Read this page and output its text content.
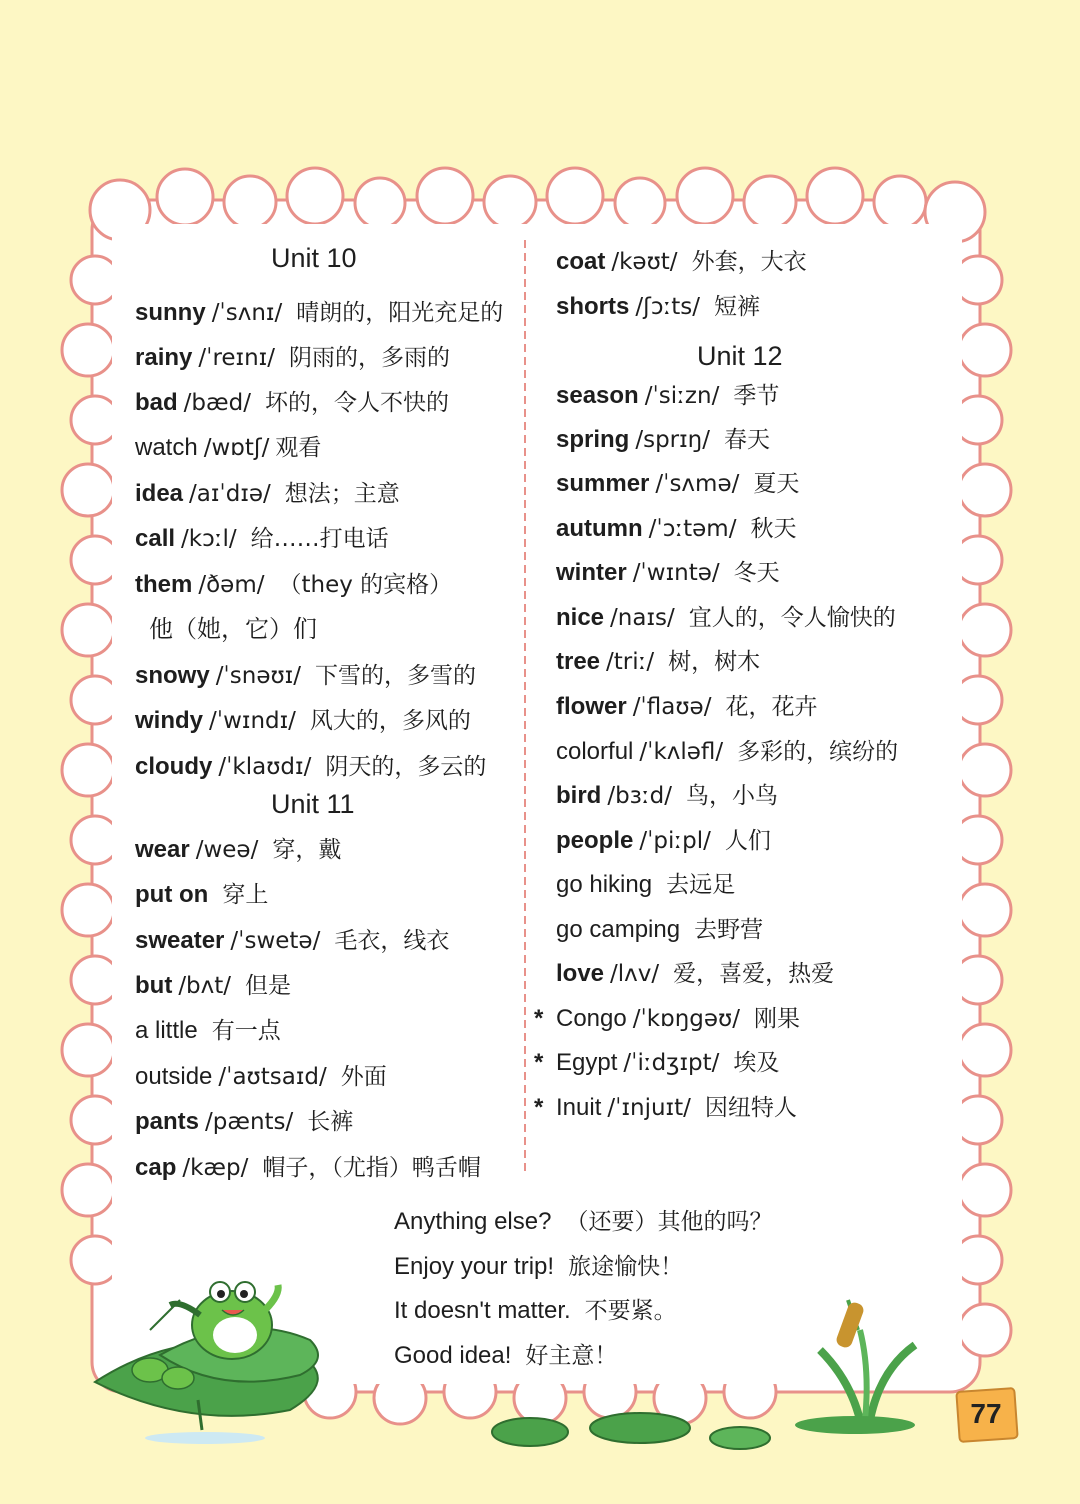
Unit 10
sunny /ˈsʌnɪ/ 晴朗的，阳光充足的
rainy /ˈreɪnɪ/ 阴雨的，多雨的
bad /bæd/ 坏的，令人不快的
watch /wɒtʃ/ 观看
idea /aɪˈdɪə/ 想法；主意
call /kɔːl/ 给……打电话
them /ðəm/ （they 的宾格）
他（她，它）们
snowy /ˈsnəʊɪ/ 下雪的，多雪的
windy /ˈwɪndɪ/ 风大的，多风的
cloudy /ˈklaʊdɪ/ 阴天的，多云的
Unit 11
wear /weə/ 穿，戴
put on 穿上
sweater /ˈswetə/ 毛衣，线衣
but /bʌt/ 但是
a little 有一点
outside /ˈaʊtsaɪd/ 外面
pants /pænts/ 长裤
cap /kæp/ 帽子，（尤指）鸭舌帽
coat /kəʊt/ 外套，大衣
shorts /ʃɔːts/ 短裤
Unit 12
season /ˈsiːzn/ 季节
spring /sprɪŋ/ 春天
summer /ˈsʌmə/ 夏天
autumn /ˈɔːtəm/ 秋天
winter /ˈwɪntə/ 冬天
nice /naɪs/ 宜人的，令人愉快的
tree /triː/ 树，树木
flower /ˈflaʊə/ 花，花卉
colorful /ˈkʌləfl/ 多彩的，缤纷的
bird /bɜːd/ 鸟，小鸟
people /ˈpiːpl/ 人们
go hiking 去远足
go camping 去野营
love /lʌv/ 爱，喜爱，热爱
* Congo /ˈkɒŋgəʊ/ 刚果
* Egypt /ˈiːdʒɪpt/ 埃及
* Inuit /ˈɪnjuɪt/ 因纽特人
Anything else? （还要）其他的吗？
Enjoy your trip! 旅途愉快！
It doesn't matter. 不要紧。
Good idea! 好主意！
77
